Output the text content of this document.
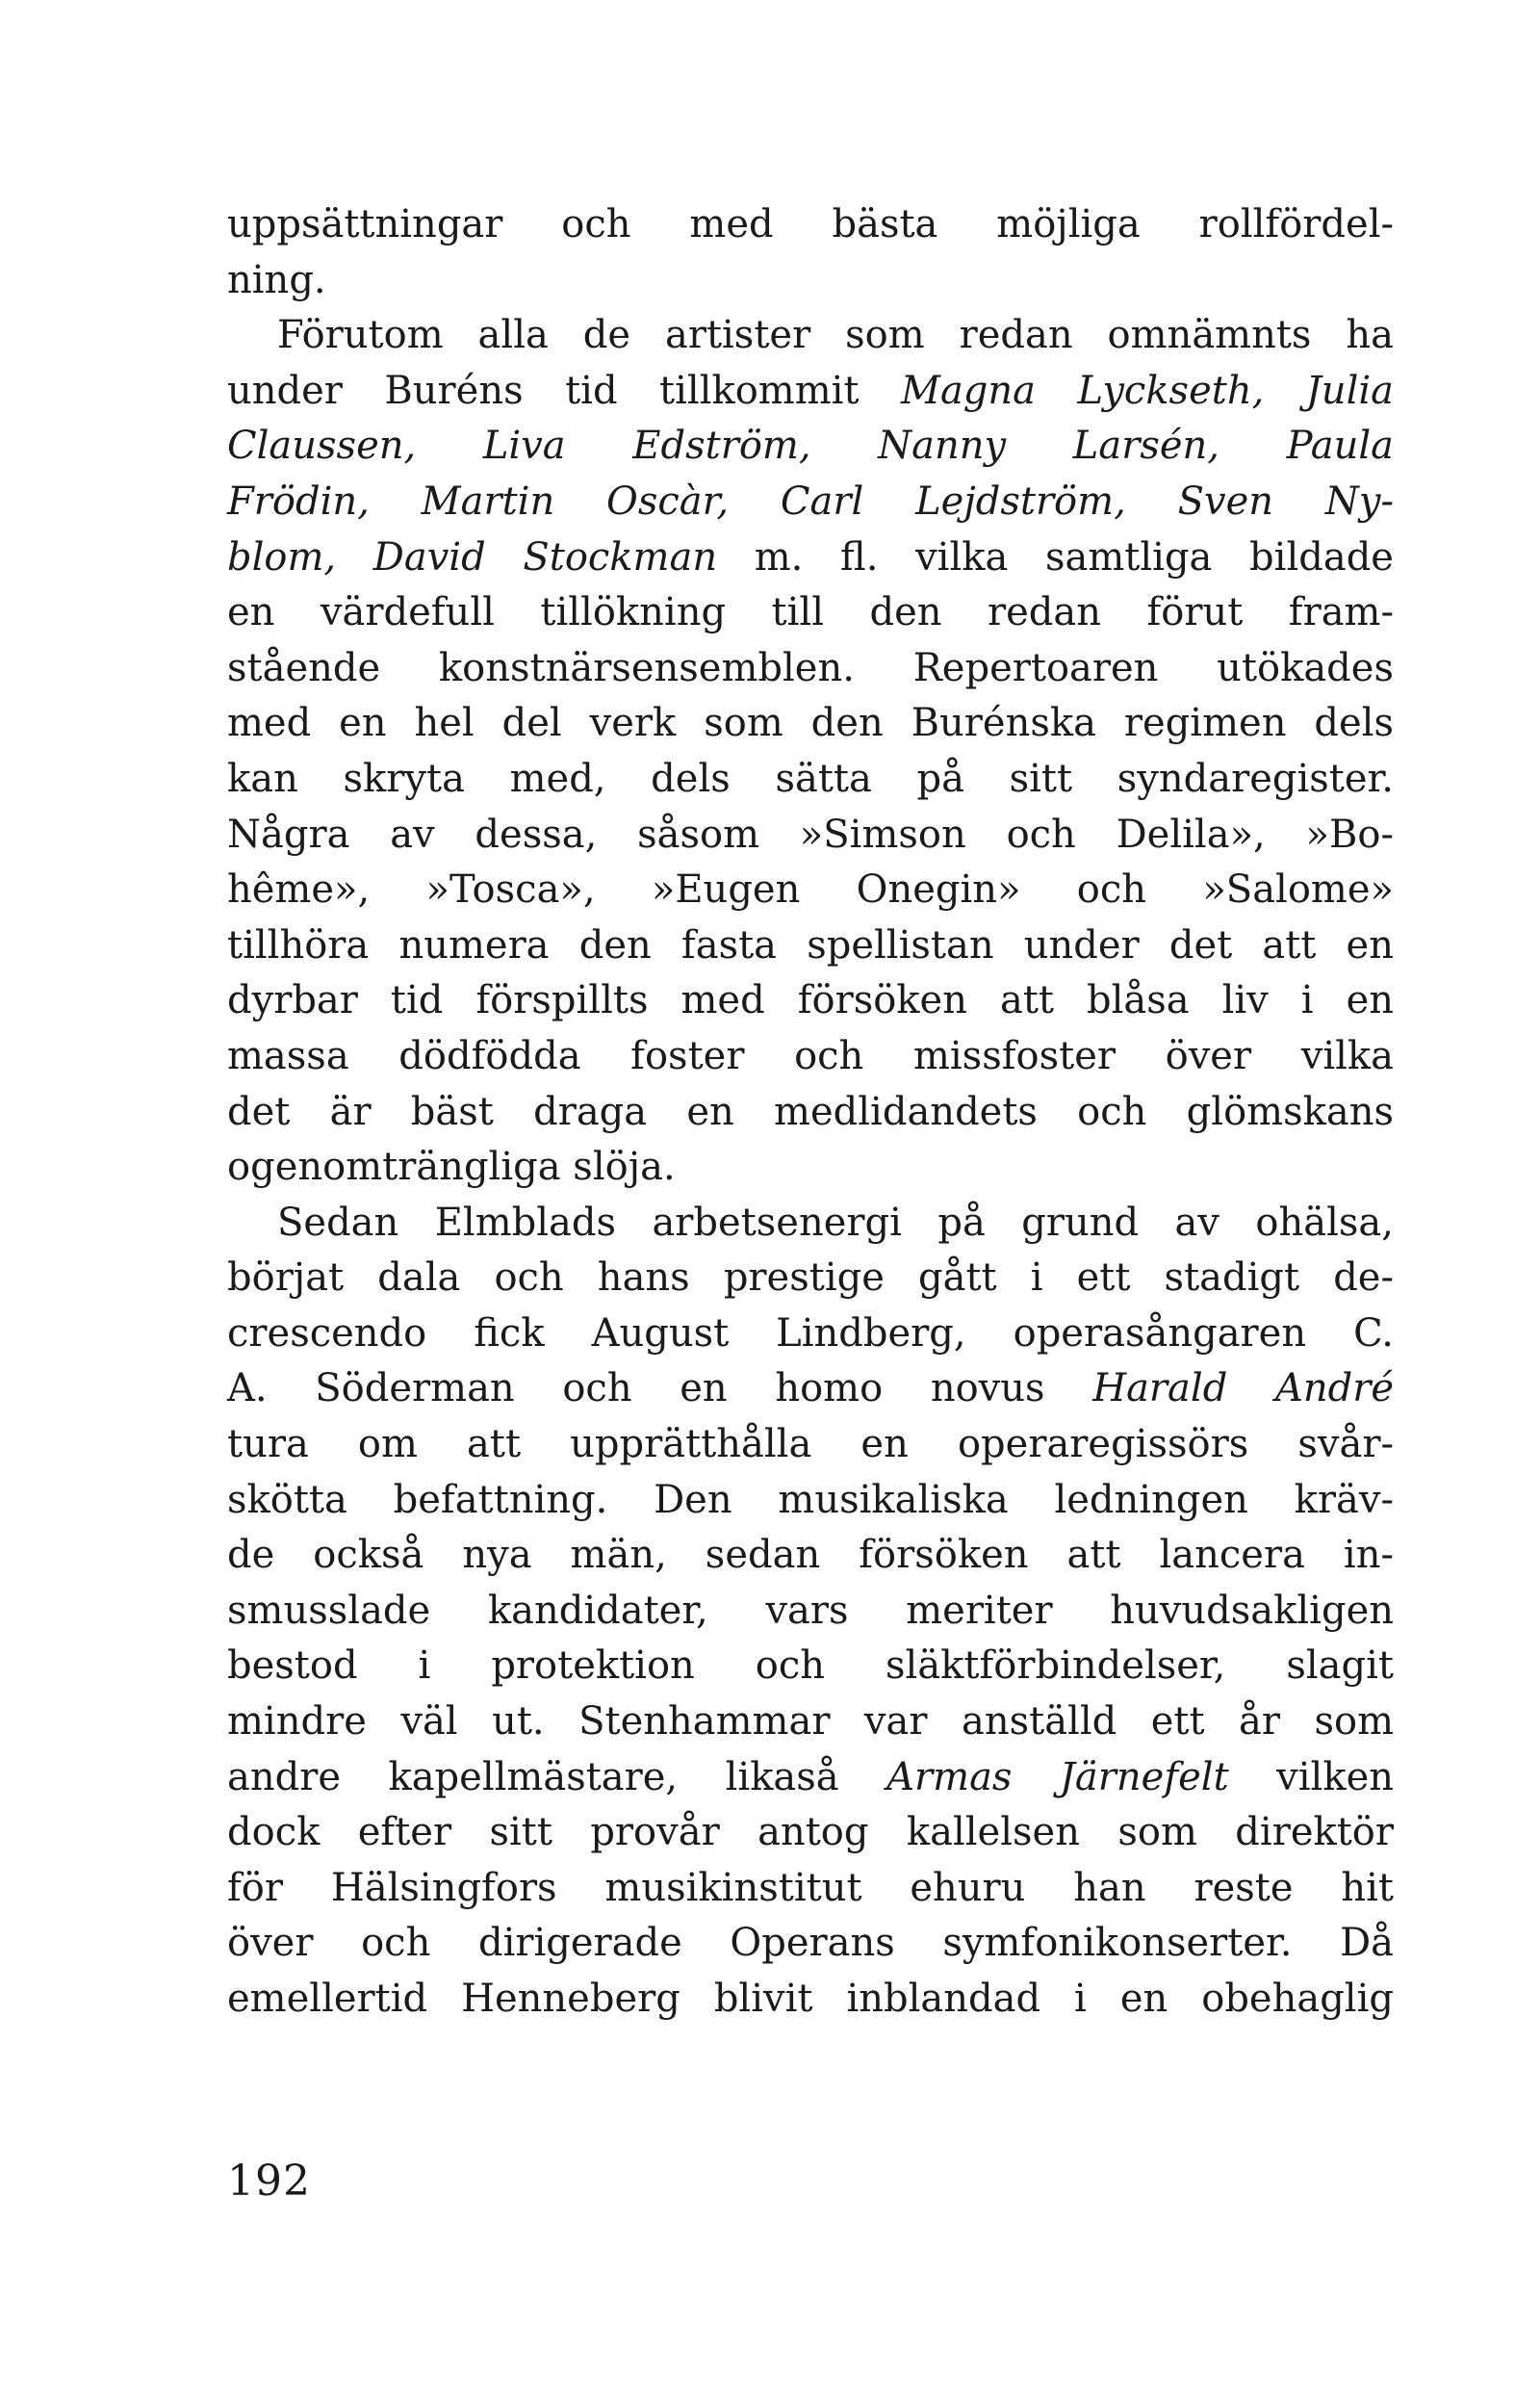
uppsättningar och med bästa möjliga rollfördel-
ning.
Förutom alla de artister som redan omnämnts ha
under Buréns tid tillkommit Magna Lyckseth, Julia
Claussen, Liva Edström, Nanny Larsén, Paula
Frödin, Martin Oscàr, Carl Lejdström, Sven Ny-
blom, David Stockman m. fl. vilka samtliga bildade
en värdefull tillökning till den redan förut fram-
stående konstnärsensemblen. Repertoaren utökades
med en hel del verk som den Burénska regimen dels
kan skryta med, dels sätta på sitt syndaregister.
Några av dessa, såsom »Simson och Delila», »Bo-
hême», »Tosca», »Eugen Onegin» och »Salome»
tillhöra numera den fasta spellistan under det att en
dyrbar tid förspillts med försöken att blåsa liv i en
massa dödfödda foster och missfoster över vilka
det är bäst draga en medlidandets och glömskans
ogenomträngliga slöja.
Sedan Elmblads arbetsenergi på grund av ohälsa,
börjat dala och hans prestige gått i ett stadigt de-
crescendo fick August Lindberg, operasångaren C.
A. Söderman och en homo novus Harald André
tura om att upprätthålla en operaregissörs svår-
skötta befattning. Den musikaliska ledningen kräv-
de också nya män, sedan försöken att lancera in-
smusslade kandidater, vars meriter huvudsakligen
bestod i protektion och släktförbindelser, slagit
mindre väl ut. Stenhammar var anställd ett år som
andre kapellmästare, likaså Armas Järnefelt vilken
dock efter sitt provår antog kallelsen som direktör
för Hälsingfors musikinstitut ehuru han reste hit
över och dirigerade Operans symfonikonserter. Då
emellertid Henneberg blivit inblandad i en obehaglig
192
